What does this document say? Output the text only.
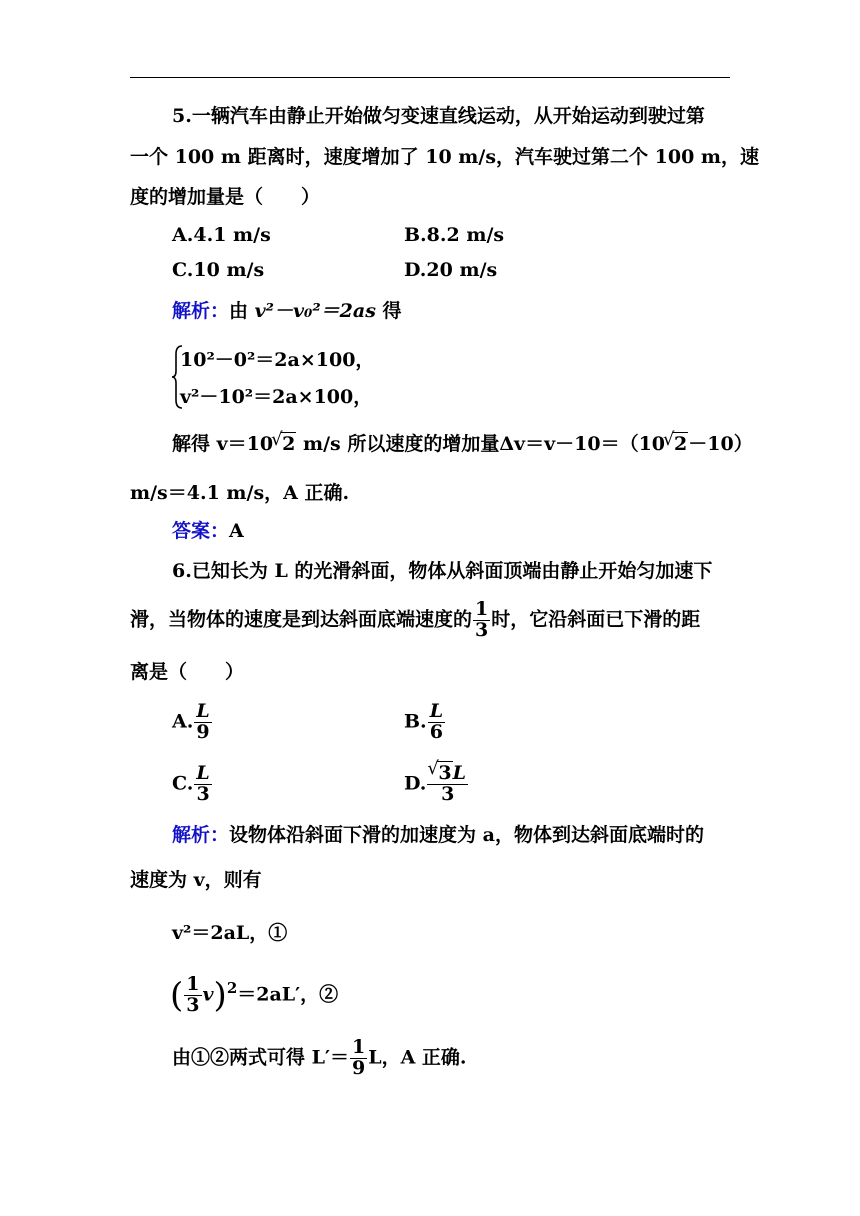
5.一辆汽车由静止开始做匀变速直线运动，从开始运动到驶过第
一个 100 m 距离时，速度增加了 10 m/s，汽车驶过第二个 100 m，速
度的增加量是（　　）
A.4.1 m/s	B.8.2 m/s
C.10 m/s	D.20 m/s
解析：由 v²－v₀²＝2as 得
10²－0²＝2a×100，
v²－10²＝2a×100，
解得 v＝10 √ 2 m/s 所以速度的增加量Δv＝v－10＝（10 √ 2－10）
m/s＝4.1 m/s，A 正确.
答案：A
6.已知长为 L 的光滑斜面，物体从斜面顶端由静止开始匀加速下
滑，当物体的速度是到达斜面底端速度的 $\frac{1}{3}$ 时，它沿斜面已下滑的距
离是（　　）
A. $\frac{L}{9}$	B. $\frac{L}{6}$
C. $\frac{L}{3}$	D. √ $\frac{3L}{3}$
解析：设物体沿斜面下滑的加速度为 a，物体到达斜面底端时的
速度为 v，则有
v²＝2aL，①
( $\frac{1}{3} v)^2=2aL'$，②
由①②两式可得 $L'= \frac{1}{9}$ L，A 正确.
